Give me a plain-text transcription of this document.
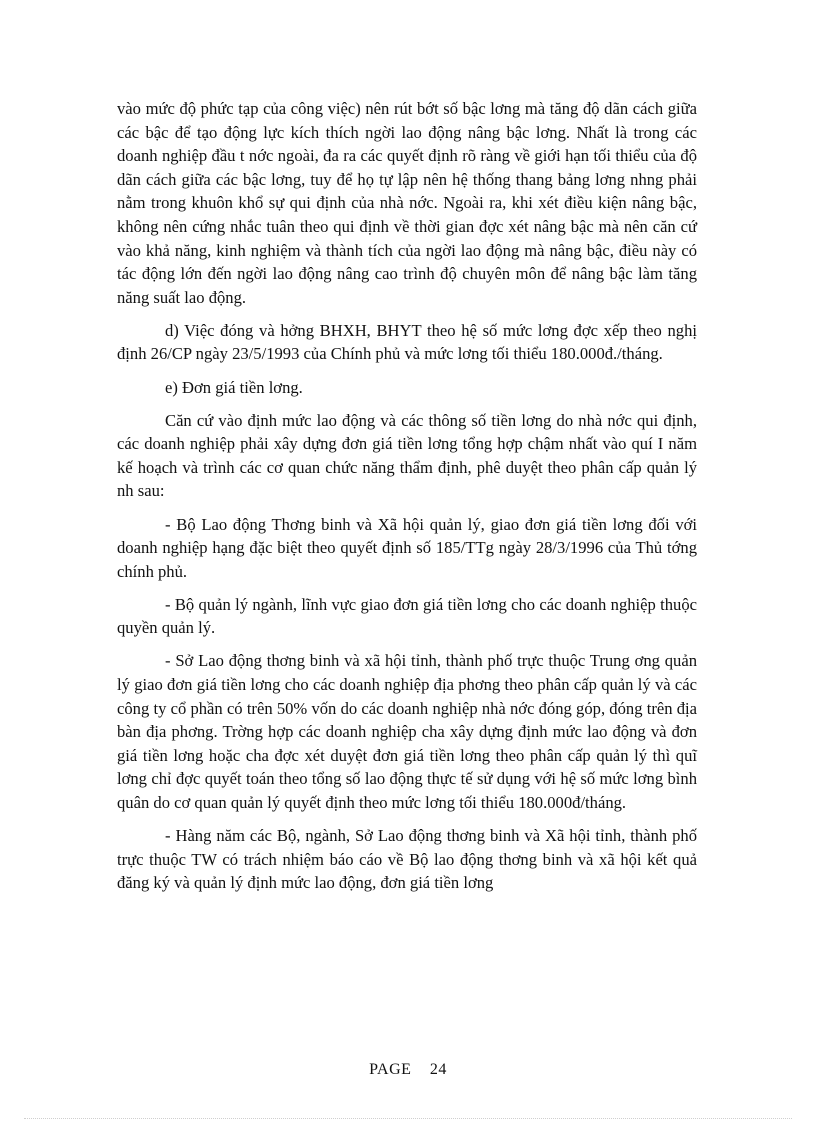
vào mức độ phức tạp của công việc) nên rút bớt số bậc lơng mà tăng độ dãn cách giữa các bậc để tạo động lực kích thích ngời lao động nâng bậc lơng. Nhất là trong các doanh nghiệp đầu t nớc ngoài, đa ra các quyết định rõ ràng về giới hạn tối thiểu của độ dãn cách giữa các bậc lơng, tuy để họ tự lập nên hệ thống thang bảng lơng nhng phải nằm trong khuôn khổ sự qui định của nhà nớc. Ngoài ra, khi xét điều kiện nâng bậc, không nên cứng nhắc tuân theo qui định về thời gian đợc xét nâng bậc mà nên căn cứ vào khả năng, kinh nghiệm và thành tích của ngời lao động mà nâng bậc, điều này có tác động lớn đến ngời lao động nâng cao trình độ chuyên môn để nâng bậc làm tăng năng suất lao động.

d) Việc đóng và hởng BHXH, BHYT theo hệ số mức lơng đợc xếp theo nghị định 26/CP ngày 23/5/1993 của Chính phủ và mức lơng tối thiểu 180.000đ./tháng.

e) Đơn giá tiền lơng.

Căn cứ vào định mức lao động và các thông số tiền lơng do nhà nớc qui định, các doanh nghiệp phải xây dựng đơn giá tiền lơng tổng hợp chậm nhất vào quí I năm kế hoạch và trình các cơ quan chức năng thẩm định, phê duyệt theo phân cấp quản lý nh sau:

- Bộ Lao động Thơng binh và Xã hội quản lý, giao đơn giá tiền lơng đối với doanh nghiệp hạng đặc biệt theo quyết định số 185/TTg ngày 28/3/1996 của Thủ tớng chính phủ.

- Bộ quản lý ngành, lĩnh vực giao đơn giá tiền lơng cho các doanh nghiệp thuộc quyền quản lý.

- Sở Lao động thơng binh và xã hội tỉnh, thành phố trực thuộc Trung ơng quản lý giao đơn giá tiền lơng cho các doanh nghiệp địa phơng theo phân cấp quản lý và các công ty cổ phần có trên 50% vốn do các doanh nghiệp nhà nớc đóng góp, đóng trên địa bàn địa phơng. Trờng hợp các doanh nghiệp cha xây dựng định mức lao động và đơn giá tiền lơng hoặc cha đợc xét duyệt đơn giá tiền lơng theo phân cấp quản lý thì quĩ lơng chỉ đợc quyết toán theo tổng số lao động thực tế sử dụng với hệ số mức lơng bình quân do cơ quan quản lý quyết định theo mức lơng tối thiểu 180.000đ/tháng.

- Hàng năm các Bộ, ngành, Sở Lao động thơng binh và Xã hội tỉnh, thành phố trực thuộc TW có trách nhiệm báo cáo về Bộ lao động thơng binh và xã hội kết quả đăng ký và quản lý định mức lao động, đơn giá tiền lơng

PAGE 24
